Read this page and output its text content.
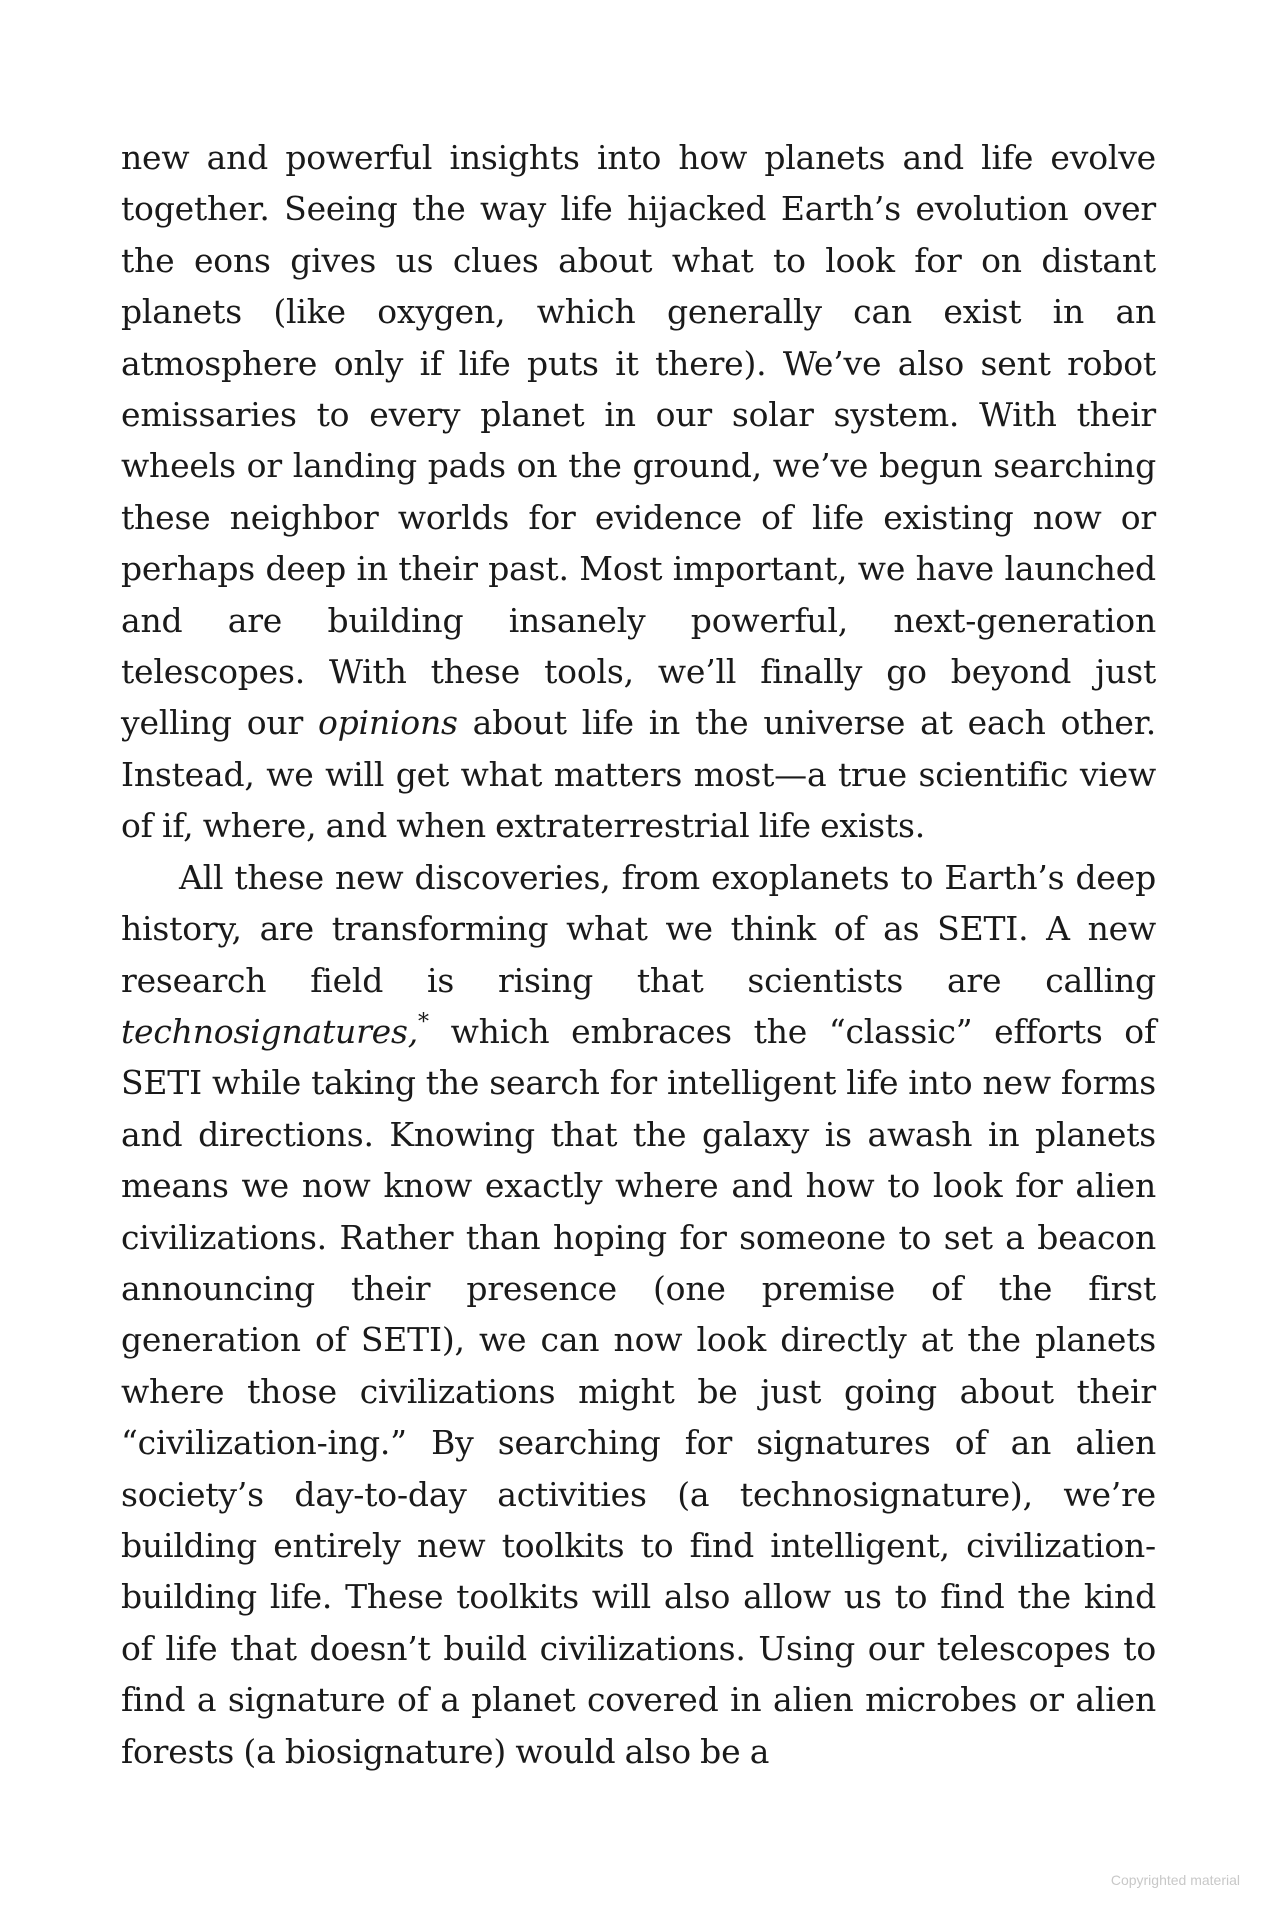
new and powerful insights into how planets and life evolve together. Seeing the way life hijacked Earth’s evolution over the eons gives us clues about what to look for on distant planets (like oxygen, which generally can exist in an atmosphere only if life puts it there). We’ve also sent robot emissaries to every planet in our solar system. With their wheels or landing pads on the ground, we’ve begun searching these neighbor worlds for evidence of life existing now or perhaps deep in their past. Most important, we have launched and are building insanely powerful, next-generation telescopes. With these tools, we’ll finally go beyond just yelling our opinions about life in the universe at each other. Instead, we will get what matters most—a true scientific view of if, where, and when extraterrestrial life exists.

All these new discoveries, from exoplanets to Earth’s deep history, are transforming what we think of as SETI. A new research field is rising that scientists are calling technosignatures,* which embraces the “classic” efforts of SETI while taking the search for intelligent life into new forms and directions. Knowing that the galaxy is awash in planets means we now know exactly where and how to look for alien civilizations. Rather than hoping for someone to set a beacon announcing their presence (one premise of the first generation of SETI), we can now look directly at the planets where those civilizations might be just going about their “civilization-ing.” By searching for signatures of an alien society’s day-to-day activities (a technosignature), we’re building entirely new toolkits to find intelligent, civilization-building life. These toolkits will also allow us to find the kind of life that doesn’t build civilizations. Using our telescopes to find a signature of a planet covered in alien microbes or alien forests (a biosignature) would also be a

Copyrighted material
